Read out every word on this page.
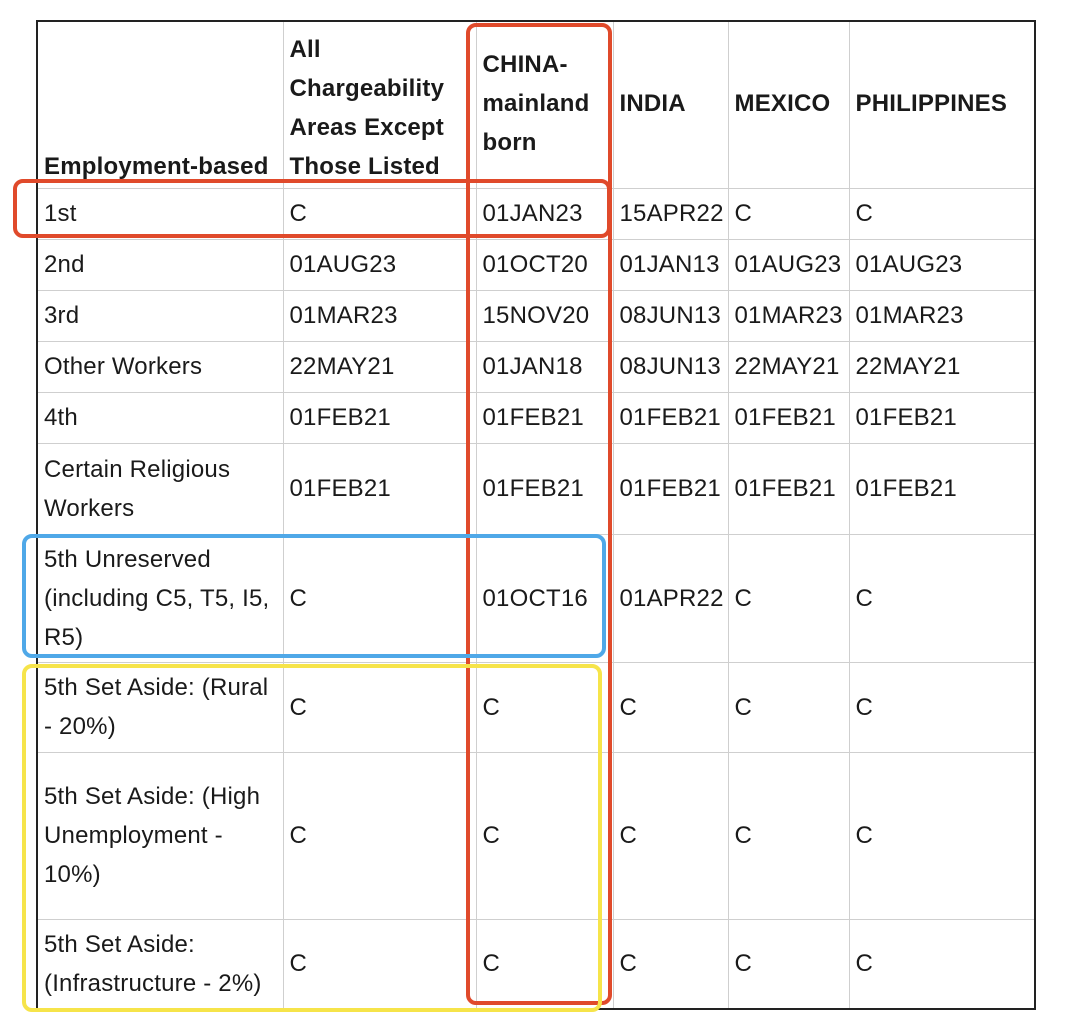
Employment-based	All Chargeability Areas Except Those Listed	CHINA-mainland born	INDIA	MEXICO	PHILIPPINES
1st	C	01JAN23	15APR22	C	C
2nd	01AUG23	01OCT20	01JAN13	01AUG23	01AUG23
3rd	01MAR23	15NOV20	08JUN13	01MAR23	01MAR23
Other Workers	22MAY21	01JAN18	08JUN13	22MAY21	22MAY21
4th	01FEB21	01FEB21	01FEB21	01FEB21	01FEB21
Certain Religious Workers	01FEB21	01FEB21	01FEB21	01FEB21	01FEB21
5th Unreserved (including C5, T5, I5, R5)	C	01OCT16	01APR22	C	C
5th Set Aside: (Rural - 20%)	C	C	C	C	C
5th Set Aside: (High Unemployment - 10%)	C	C	C	C	C
5th Set Aside: (Infrastructure - 2%)	C	C	C	C	C
